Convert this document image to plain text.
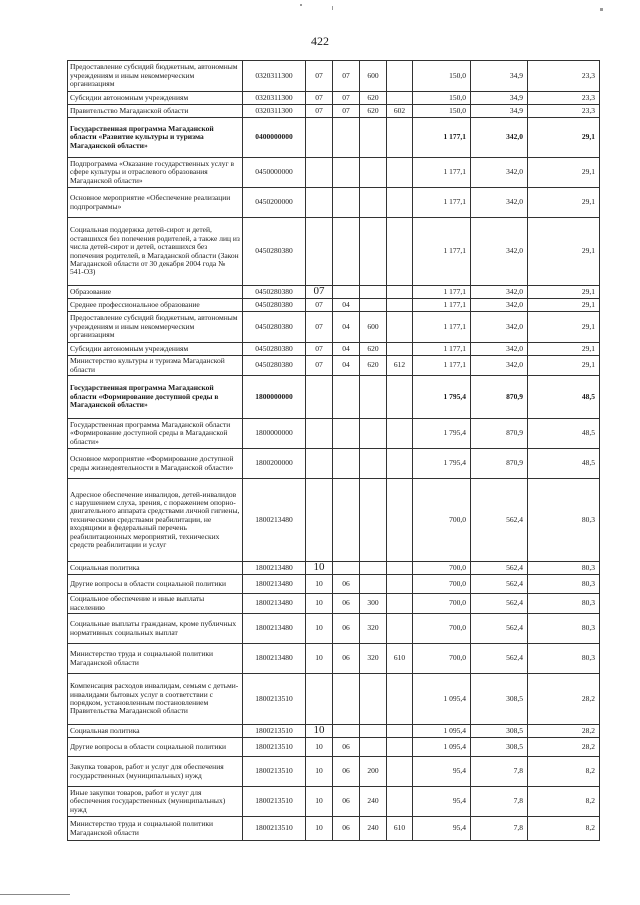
422
Предоставление субсидий бюджетным, автономным учреждениям и иным некоммерческим организациям	0320311300	07	07	600		150,0	34,9	23,3
Субсидии автономным учреждениям	0320311300	07	07	620		150,0	34,9	23,3
Правительство Магаданской области	0320311300	07	07	620	602	150,0	34,9	23,3
Государственная программа Магаданской области «Развитие культуры и туризма Магаданской области»	0400000000					1 177,1	342,0	29,1
Подпрограмма «Оказание государственных услуг в сфере культуры и отраслевого образования Магаданской области»	0450000000					1 177,1	342,0	29,1
Основное мероприятие «Обеспечение реализации подпрограммы»	0450200000					1 177,1	342,0	29,1
Социальная поддержка детей-сирот и детей, оставшихся без попечения родителей, а также лиц из числа детей-сирот и детей, оставшихся без попечения родителей, в Магаданской области (Закон Магаданской области от 30 декабря 2004 года № 541-ОЗ)	0450280380					1 177,1	342,0	29,1
Образование	0450280380	07				1 177,1	342,0	29,1
Среднее профессиональное образование	0450280380	07	04			1 177,1	342,0	29,1
Предоставление субсидий бюджетным, автономным учреждениям и иным некоммерческим организациям	0450280380	07	04	600		1 177,1	342,0	29,1
Субсидии автономным учреждениям	0450280380	07	04	620		1 177,1	342,0	29,1
Министерство культуры и туризма Магаданской области	0450280380	07	04	620	612	1 177,1	342,0	29,1
Государственная программа Магаданской области «Формирование доступной среды в Магаданской области»	1800000000					1 795,4	870,9	48,5
Государственная программа Магаданской области «Формирование доступной среды в Магаданской области»	1800000000					1 795,4	870,9	48,5
Основное мероприятие «Формирование доступной среды жизнедеятельности в Магаданской области»	1800200000					1 795,4	870,9	48,5
Адресное обеспечение инвалидов, детей-инвалидов с нарушением слуха, зрения, с поражением опорно-двигательного аппарата средствами личной гигиены, техническими средствами реабилитации, не входящими в федеральный перечень реабилитационных мероприятий, технических средств реабилитации и услуг	1800213480					700,0	562,4	80,3
Социальная политика	1800213480	10				700,0	562,4	80,3
Другие вопросы в области социальной политики	1800213480	10	06			700,0	562,4	80,3
Социальное обеспечение и иные выплаты населению	1800213480	10	06	300		700,0	562,4	80,3
Социальные выплаты гражданам, кроме публичных нормативных социальных выплат	1800213480	10	06	320		700,0	562,4	80,3
Министерство труда и социальной политики Магаданской области	1800213480	10	06	320	610	700,0	562,4	80,3
Компенсация расходов инвалидам, семьям с детьми-инвалидами бытовых услуг в соответствии с порядком, установленным постановлением Правительства Магаданской области	1800213510					1 095,4	308,5	28,2
Социальная политика	1800213510	10				1 095,4	308,5	28,2
Другие вопросы в области социальной политики	1800213510	10	06			1 095,4	308,5	28,2
Закупка товаров, работ и услуг для обеспечения государственных (муниципальных) нужд	1800213510	10	06	200		95,4	7,8	8,2
Иные закупки товаров, работ и услуг для обеспечения государственных (муниципальных) нужд	1800213510	10	06	240		95,4	7,8	8,2
Министерство труда и социальной политики Магаданской области	1800213510	10	06	240	610	95,4	7,8	8,2
